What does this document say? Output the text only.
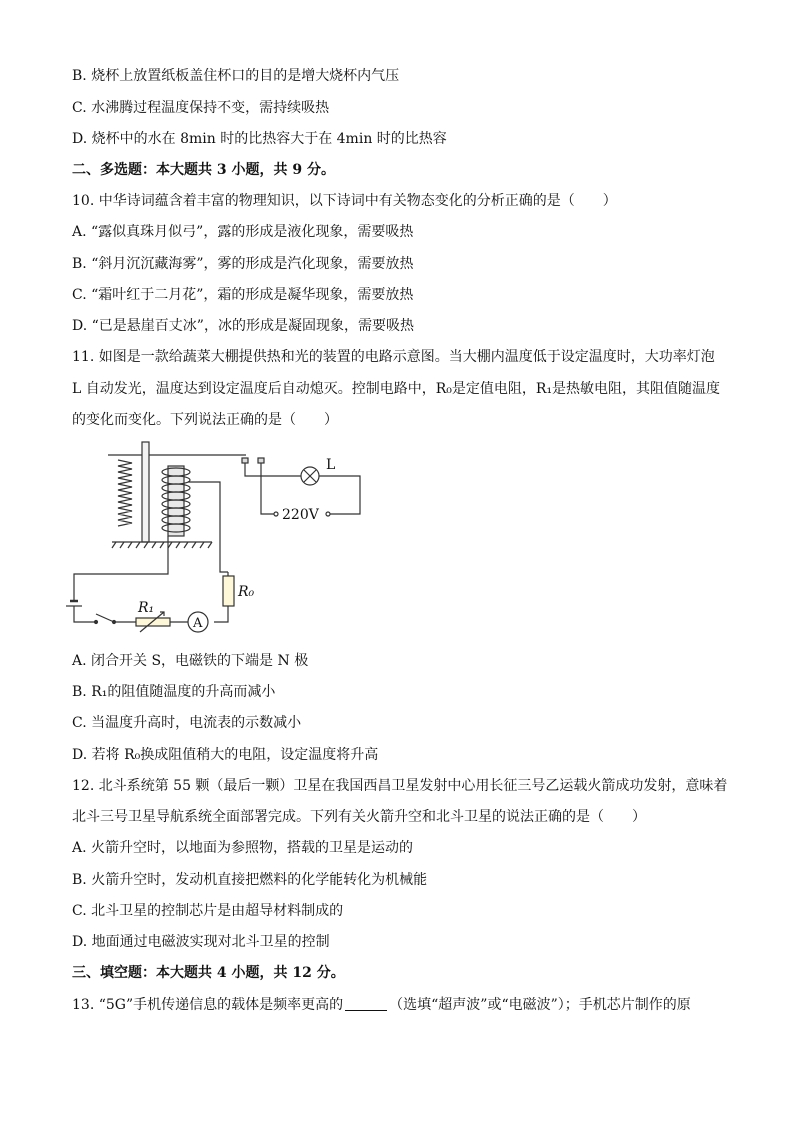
B. 烧杯上放置纸板盖住杯口的目的是增大烧杯内气压
C. 水沸腾过程温度保持不变，需持续吸热
D. 烧杯中的水在 8min 时的比热容大于在 4min 时的比热容
二、多选题：本大题共 3 小题，共 9 分。
10. 中华诗词蕴含着丰富的物理知识，以下诗词中有关物态变化的分析正确的是（　　）
A. “露似真珠月似弓”，露的形成是液化现象，需要吸热
B. “斜月沉沉藏海雾”，雾的形成是汽化现象，需要放热
C. “霜叶红于二月花”，霜的形成是凝华现象，需要放热
D. “已是悬崖百丈冰”，冰的形成是凝固现象，需要吸热
11. 如图是一款给蔬菜大棚提供热和光的装置的电路示意图。当大棚内温度低于设定温度时，大功率灯泡
L 自动发光，温度达到设定温度后自动熄灭。控制电路中，R₀是定值电阻，R₁是热敏电阻，其阻值随温度
的变化而变化。下列说法正确的是（　　）
L
220V
R₀
R₁
A
A. 闭合开关 S，电磁铁的下端是 N 极
B. R₁的阻值随温度的升高而减小
C. 当温度升高时，电流表的示数减小
D. 若将 R₀换成阻值稍大的电阻，设定温度将升高
12. 北斗系统第 55 颗（最后一颗）卫星在我国西昌卫星发射中心用长征三号乙运载火箭成功发射，意味着
北斗三号卫星导航系统全面部署完成。下列有关火箭升空和北斗卫星的说法正确的是（　　）
A. 火箭升空时，以地面为参照物，搭载的卫星是运动的
B. 火箭升空时，发动机直接把燃料的化学能转化为机械能
C. 北斗卫星的控制芯片是由超导材料制成的
D. 地面通过电磁波实现对北斗卫星的控制
三、填空题：本大题共 4 小题，共 12 分。
13. “5G”手机传递信息的载体是频率更高的	（选填“超声波”或“电磁波”）；手机芯片制作的原
